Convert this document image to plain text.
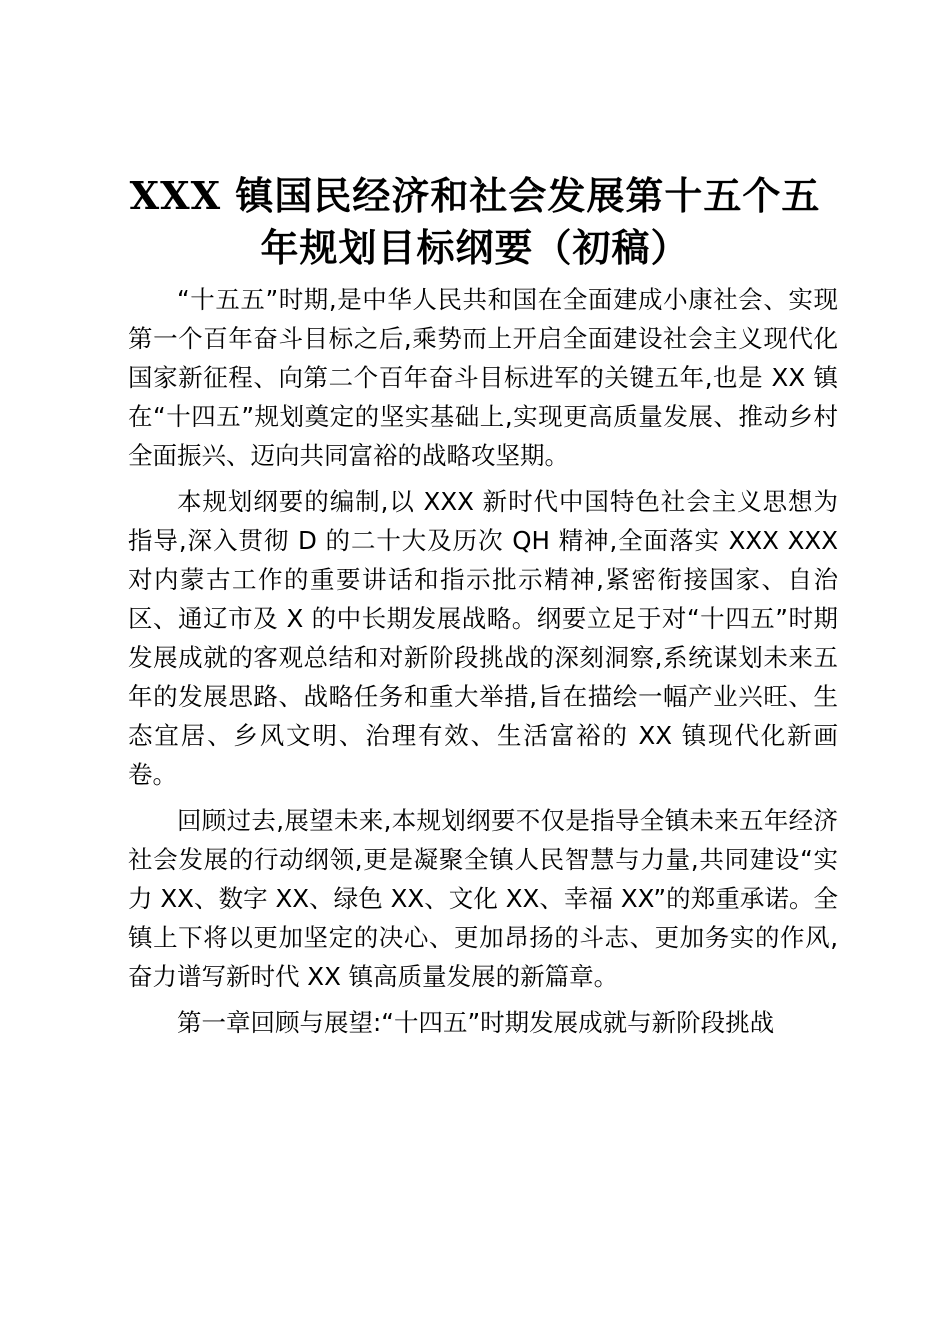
XXX 镇国民经济和社会发展第十五个五
年规划目标纲要（初稿）

“十五五”时期,是中华人民共和国在全面建成小康社会、实现第一个百年奋斗目标之后,乘势而上开启全面建设社会主义现代化国家新征程、向第二个百年奋斗目标进军的关键五年,也是 XX 镇在“十四五”规划奠定的坚实基础上,实现更高质量发展、推动乡村全面振兴、迈向共同富裕的战略攻坚期。

本规划纲要的编制,以 XXX 新时代中国特色社会主义思想为指导,深入贯彻 D 的二十大及历次 QH 精神,全面落实 XXX XXX 对内蒙古工作的重要讲话和指示批示精神,紧密衔接国家、自治区、通辽市及 X 的中长期发展战略。纲要立足于对“十四五”时期发展成就的客观总结和对新阶段挑战的深刻洞察,系统谋划未来五年的发展思路、战略任务和重大举措,旨在描绘一幅产业兴旺、生态宜居、乡风文明、治理有效、生活富裕的 XX 镇现代化新画卷。

回顾过去,展望未来,本规划纲要不仅是指导全镇未来五年经济社会发展的行动纲领,更是凝聚全镇人民智慧与力量,共同建设“实力 XX、数字 XX、绿色 XX、文化 XX、幸福 XX”的郑重承诺。全镇上下将以更加坚定的决心、更加昂扬的斗志、更加务实的作风,奋力谱写新时代 XX 镇高质量发展的新篇章。

第一章回顾与展望:“十四五”时期发展成就与新阶段挑战
